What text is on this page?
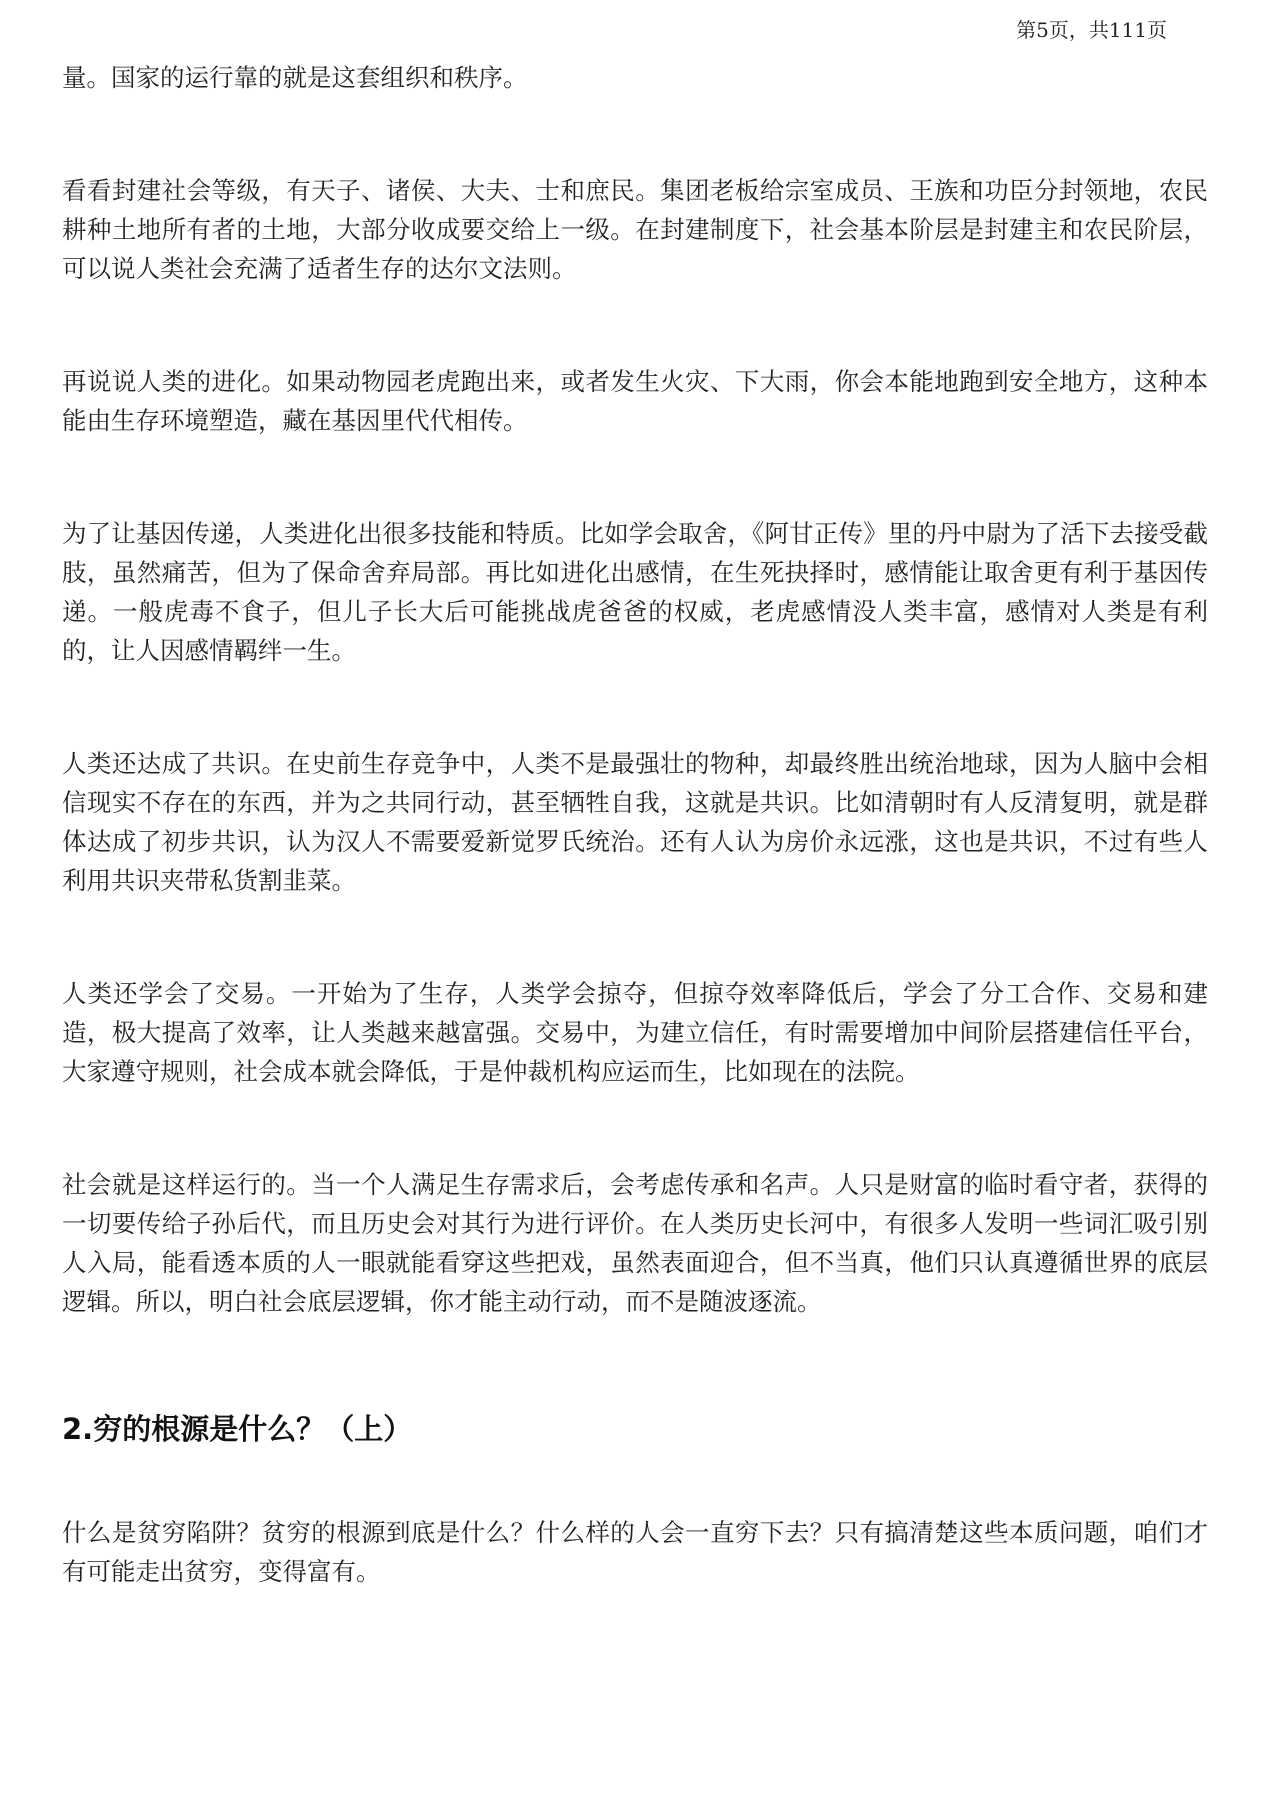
第5页，共111页

量。国家的运行靠的就是这套组织和秩序。

看看封建社会等级，有天子、诸侯、大夫、士和庶民。集团老板给宗室成员、王族和功臣分封领地，农民耕种土地所有者的土地，大部分收成要交给上一级。在封建制度下，社会基本阶层是封建主和农民阶层，可以说人类社会充满了适者生存的达尔文法则。

再说说人类的进化。如果动物园老虎跑出来，或者发生火灾、下大雨，你会本能地跑到安全地方，这种本能由生存环境塑造，藏在基因里代代相传。

为了让基因传递，人类进化出很多技能和特质。比如学会取舍，《阿甘正传》里的丹中尉为了活下去接受截肢，虽然痛苦，但为了保命舍弃局部。再比如进化出感情，在生死抉择时，感情能让取舍更有利于基因传递。一般虎毒不食子，但儿子长大后可能挑战虎爸爸的权威，老虎感情没人类丰富，感情对人类是有利的，让人因感情羁绊一生。

人类还达成了共识。在史前生存竞争中，人类不是最强壮的物种，却最终胜出统治地球，因为人脑中会相信现实不存在的东西，并为之共同行动，甚至牺牲自我，这就是共识。比如清朝时有人反清复明，就是群体达成了初步共识，认为汉人不需要爱新觉罗氏统治。还有人认为房价永远涨，这也是共识，不过有些人利用共识夹带私货割韭菜。

人类还学会了交易。一开始为了生存，人类学会掠夺，但掠夺效率降低后，学会了分工合作、交易和建造，极大提高了效率，让人类越来越富强。交易中，为建立信任，有时需要增加中间阶层搭建信任平台，大家遵守规则，社会成本就会降低，于是仲裁机构应运而生，比如现在的法院。

社会就是这样运行的。当一个人满足生存需求后，会考虑传承和名声。人只是财富的临时看守者，获得的一切要传给子孙后代，而且历史会对其行为进行评价。在人类历史长河中，有很多人发明一些词汇吸引别人入局，能看透本质的人一眼就能看穿这些把戏，虽然表面迎合，但不当真，他们只认真遵循世界的底层逻辑。所以，明白社会底层逻辑，你才能主动行动，而不是随波逐流。

2.穷的根源是什么？（上）

什么是贫穷陷阱？贫穷的根源到底是什么？什么样的人会一直穷下去？只有搞清楚这些本质问题，咱们才有可能走出贫穷，变得富有。
